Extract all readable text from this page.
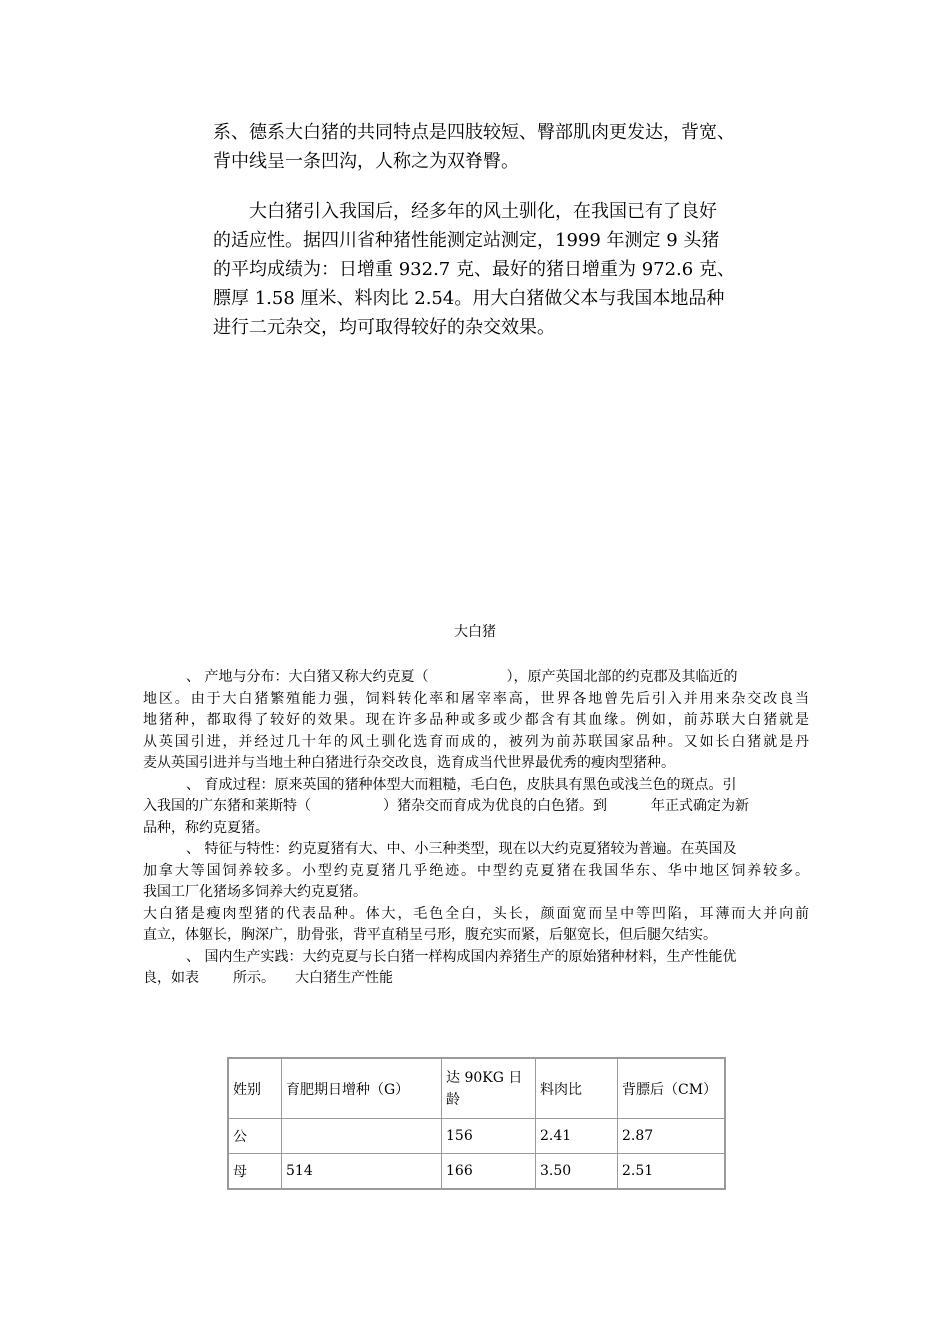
系、德系大白猪的共同特点是四肢较短、臀部肌肉更发达，背宽、

背中线呈一条凹沟，人称之为双脊臀。

大白猪引入我国后，经多年的风土驯化，在我国已有了良好

的适应性。据四川省种猪性能测定站测定，1999 年测定 9 头猪

的平均成绩为：日增重 932.7 克、最好的猪日增重为 972.6 克、

膘厚 1.58 厘米、料肉比 2.54。用大白猪做父本与我国本地品种

进行二元杂交，均可取得较好的杂交效果。

大白猪
、 产地与分布：大白猪又称大约克夏（	），原产英国北部的约克郡及其临近的
地区。由于大白猪繁殖能力强，饲料转化率和屠宰率高，世界各地曾先后引入并用来杂交改良当
地猪种，都取得了较好的效果。现在许多品种或多或少都含有其血缘。例如，前苏联大白猪就是
从英国引进，并经过几十年的风土驯化选育而成的，被列为前苏联国家品种。又如长白猪就是丹
麦从英国引进并与当地土种白猪进行杂交改良，选育成当代世界最优秀的瘦肉型猪种。
、 育成过程：原来英国的猪种体型大而粗糙，毛白色，皮肤具有黑色或浅兰色的斑点。引
入我国的广东猪和莱斯特（	）猪杂交而育成为优良的白色猪。到	年正式确定为新
品种，称约克夏猪。
、 特征与特性：约克夏猪有大、中、小三种类型，现在以大约克夏猪较为普遍。在英国及
加拿大等国饲养较多。小型约克夏猪几乎绝迹。中型约克夏猪在我国华东、华中地区饲养较多。
我国工厂化猪场多饲养大约克夏猪。
大白猪是瘦肉型猪的代表品种。体大，毛色全白，头长，颜面宽而呈中等凹陷，耳薄而大并向前
直立，体躯长，胸深广，肋骨张，背平直稍呈弓形，腹充实而紧，后躯宽长，但后腿欠结实。
、 国内生产实践：大约克夏与长白猪一样构成国内养猪生产的原始猪种材料，生产性能优
良，如表 所示。 大白猪生产性能
姓别	育肥期日增种（G）	达 90KG 日龄	料肉比	背膘后（CM）
公		156	2.41	2.87
母	514	166	3.50	2.51
